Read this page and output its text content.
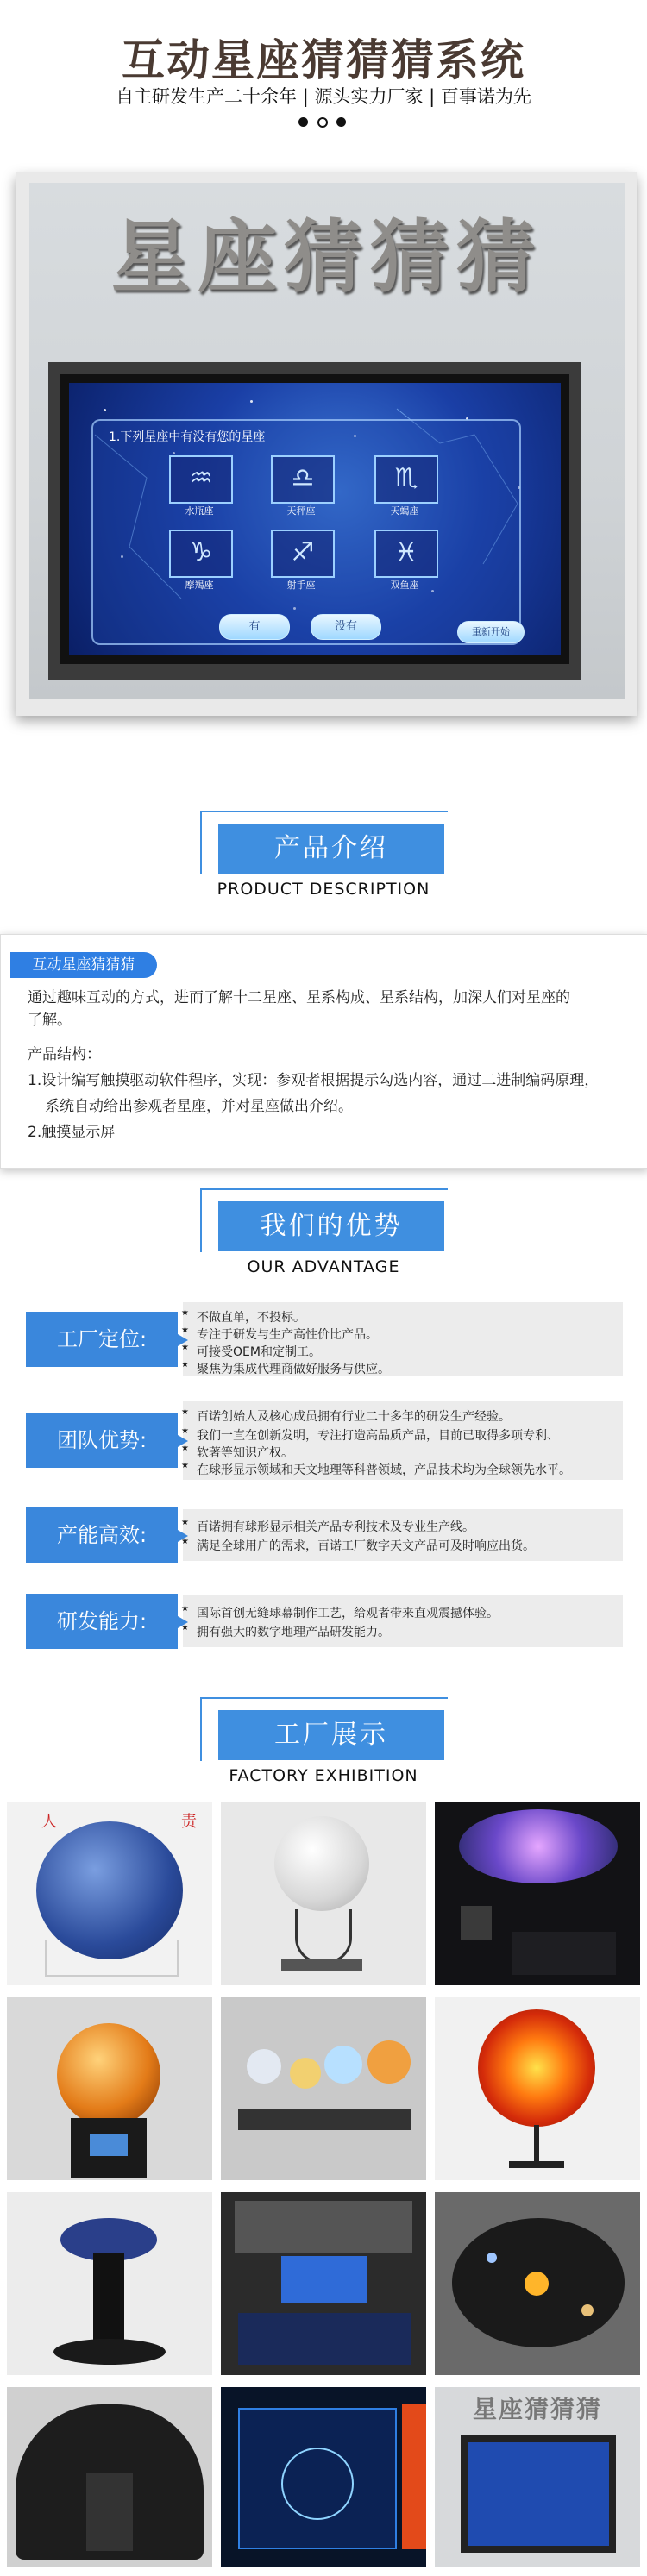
互动星座猜猜猜系统
自主研发生产二十余年 | 源头实力厂家 | 百事诺为先
星座猜猜猜
1.下列星座中有没有您的星座
♒
水瓶座
♎
天秤座
♏
天蝎座
♑
摩羯座
♐
射手座
♓
双鱼座
有	没有	重新开始
产品介绍
PRODUCT DESCRIPTION
互动星座猜猜猜
通过趣味互动的方式，进而了解十二星座、星系构成、星系结构，加深人们对星座的
了解。
产品结构：
1.设计编写触摸驱动软件程序，实现：参观者根据提示勾选内容，通过二进制编码原理，
系统自动给出参观者星座，并对星座做出介绍。
2.触摸显示屏
我们的优势
OUR ADVANTAGE
工厂定位:
★ 不做直单，不投标。
★ 专注于研发与生产高性价比产品。
★ 可接受OEM和定制工。
★ 聚焦为集成代理商做好服务与供应。
团队优势:
★ 百诺创始人及核心成员拥有行业二十多年的研发生产经验。
★ 我们一直在创新发明，专注打造高品质产品，目前已取得多项专利、
★ 软著等知识产权。
★ 在球形显示领域和天文地理等科普领域，产品技术均为全球领先水平。
产能高效:	★ 百诺拥有球形显示相关产品专利技术及专业生产线。
★ 满足全球用户的需求，百诺工厂数字天文产品可及时响应出货。
研发能力:	★ 国际首创无缝球幕制作工艺，给观者带来直观震撼体验。
★ 拥有强大的数字地理产品研发能力。
工厂展示
FACTORY EXHIBITION
人	责
星座猜猜猜
